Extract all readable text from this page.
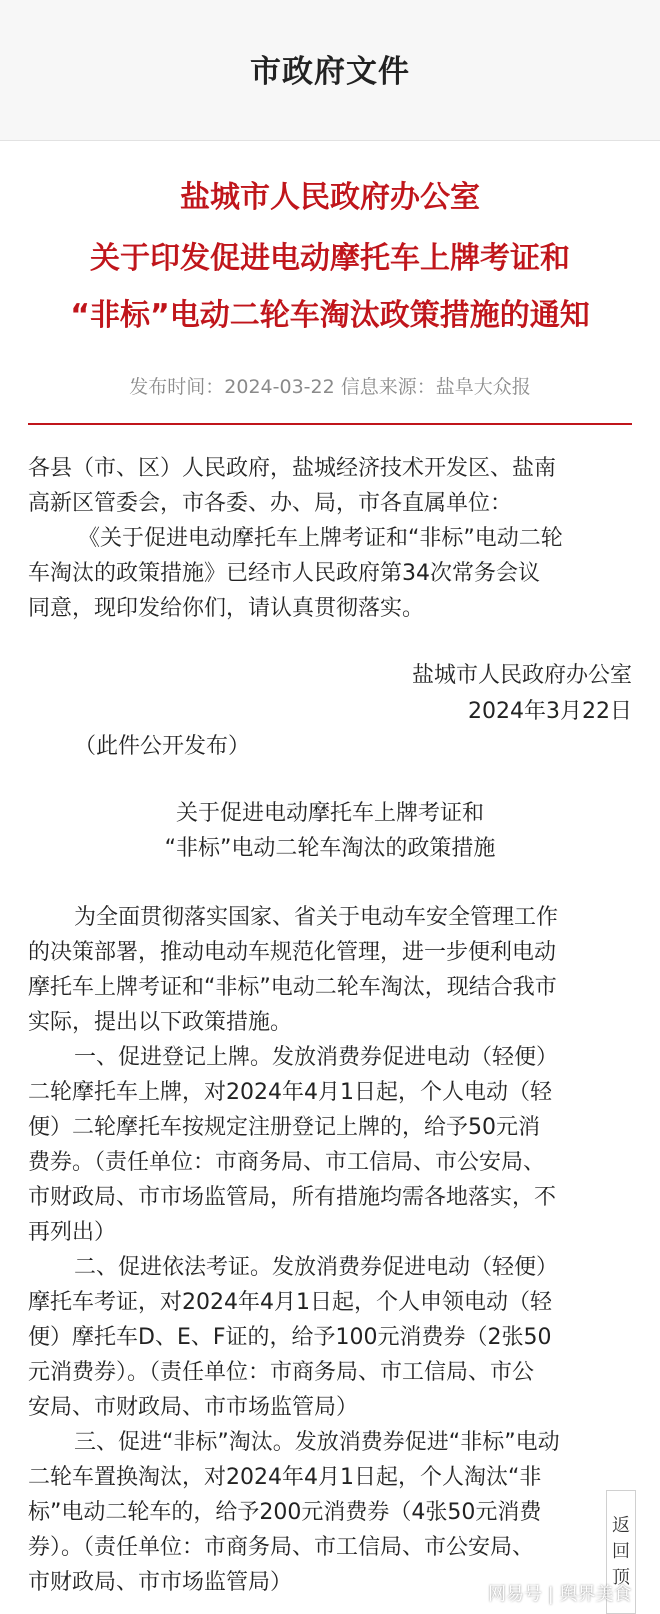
市政府文件
盐城市人民政府办公室
关于印发促进电动摩托车上牌考证和
“非标”电动二轮车淘汰政策措施的通知
发布时间：2024-03-22 信息来源：盐阜大众报
各县（市、区）人民政府，盐城经济技术开发区、盐南
高新区管委会，市各委、办、局，市各直属单位：
《关于促进电动摩托车上牌考证和“非标”电动二轮
车淘汰的政策措施》已经市人民政府第34次常务会议
同意，现印发给你们，请认真贯彻落实。
盐城市人民政府办公室
2024年3月22日
（此件公开发布）
关于促进电动摩托车上牌考证和
“非标”电动二轮车淘汰的政策措施
为全面贯彻落实国家、省关于电动车安全管理工作
的决策部署，推动电动车规范化管理，进一步便利电动
摩托车上牌考证和“非标”电动二轮车淘汰，现结合我市
实际，提出以下政策措施。
一、促进登记上牌。发放消费券促进电动（轻便）
二轮摩托车上牌，对2024年4月1日起，个人电动（轻
便）二轮摩托车按规定注册登记上牌的，给予50元消
费券。（责任单位：市商务局、市工信局、市公安局、
市财政局、市市场监管局，所有措施均需各地落实，不
再列出）
二、促进依法考证。发放消费券促进电动（轻便）
摩托车考证，对2024年4月1日起，个人申领电动（轻
便）摩托车D、E、F证的，给予100元消费券（2张50
元消费券）。（责任单位：市商务局、市工信局、市公
安局、市财政局、市市场监管局）
三、促进“非标”淘汰。发放消费券促进“非标”电动
二轮车置换淘汰，对2024年4月1日起，个人淘汰“非
标”电动二轮车的，给予200元消费券（4张50元消费
券）。（责任单位：市商务局、市工信局、市公安局、
市财政局、市市场监管局）
返
回
顶
网易号 | 舆界美食
